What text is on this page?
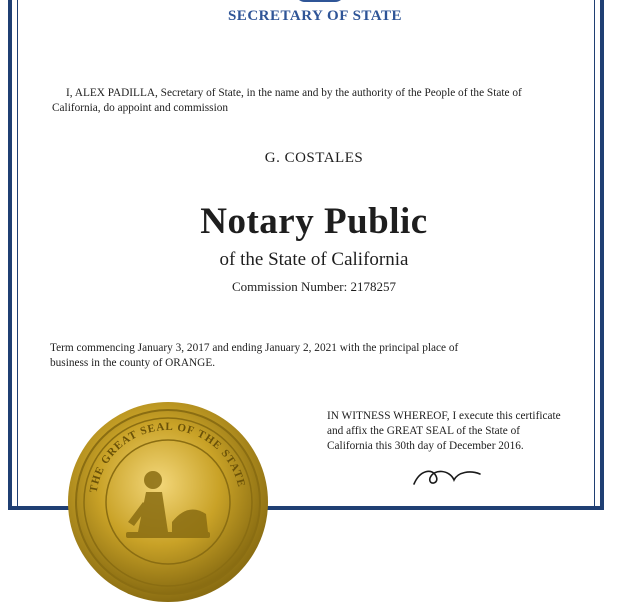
SECRETARY OF STATE

I, ALEX PADILLA, Secretary of State, in the name and by the authority of the People of the State of California, do appoint and commission

G. COSTALES
Notary Public
of the State of California
Commission Number: 2178257

Term commencing January 3, 2017 and ending January 2, 2021 with the principal place of business in the county of ORANGE.

IN WITNESS WHEREOF, I execute this certificate and affix the GREAT SEAL of the State of California this 30th day of December 2016.

THE GREAT SEAL OF THE STATE
